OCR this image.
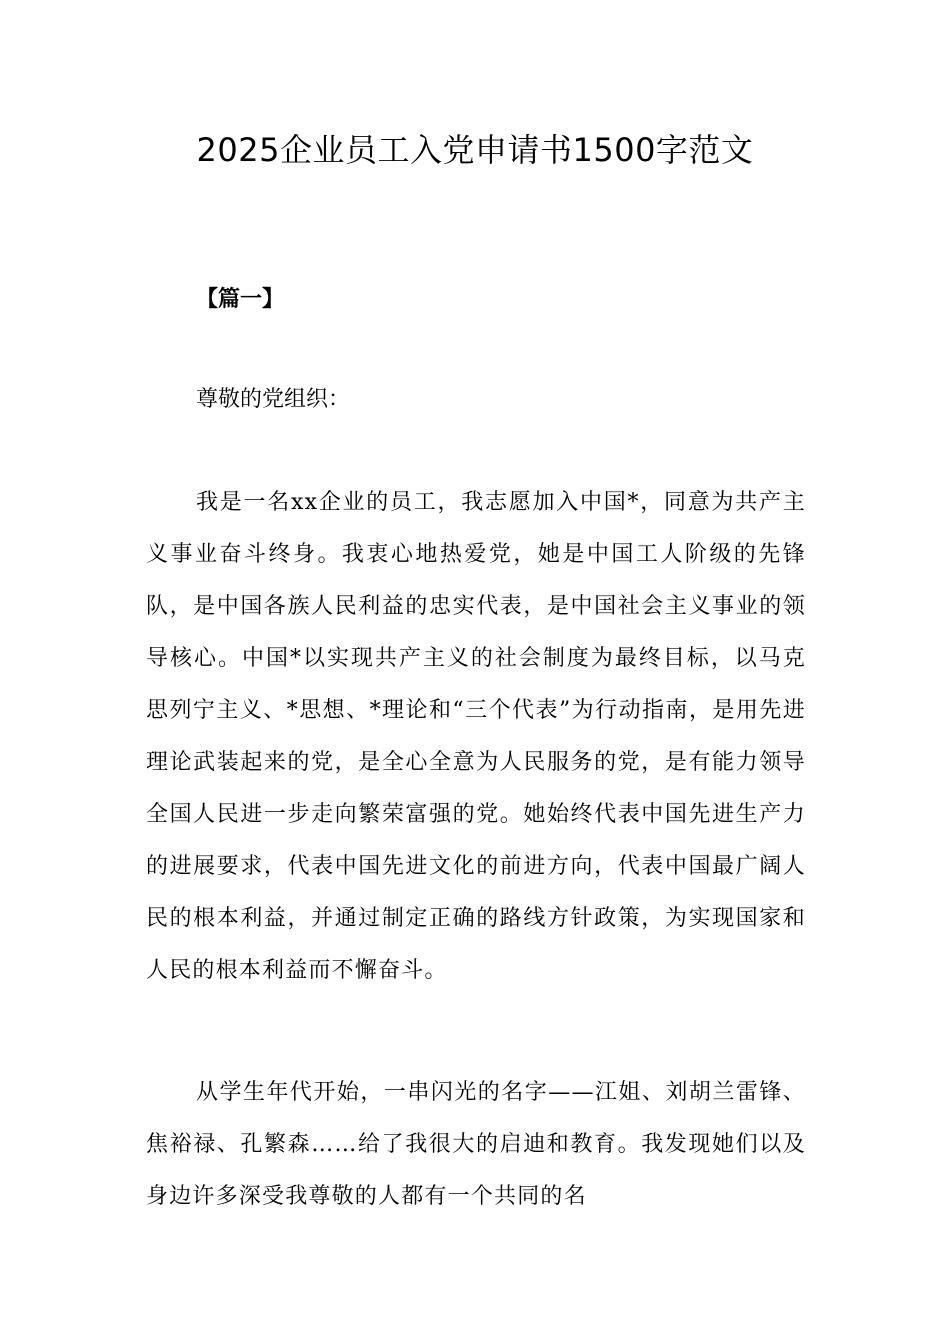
2025企业员工入党申请书1500字范文

【篇一】

尊敬的党组织：

我是一名xx企业的员工，我志愿加入中国*，同意为共产主义事业奋斗终身。我衷心地热爱党，她是中国工人阶级的先锋队，是中国各族人民利益的忠实代表，是中国社会主义事业的领导核心。中国*以实现共产主义的社会制度为最终目标，以马克思列宁主义、*思想、*理论和“三个代表”为行动指南，是用先进理论武装起来的党，是全心全意为人民服务的党，是有能力领导全国人民进一步走向繁荣富强的党。她始终代表中国先进生产力的进展要求，代表中国先进文化的前进方向，代表中国最广阔人民的根本利益，并通过制定正确的路线方针政策，为实现国家和人民的根本利益而不懈奋斗。

从学生年代开始，一串闪光的名字——江姐、刘胡兰雷锋、焦裕禄、孔繁森……给了我很大的启迪和教育。我发现她们以及身边许多深受我尊敬的人都有一个共同的名
